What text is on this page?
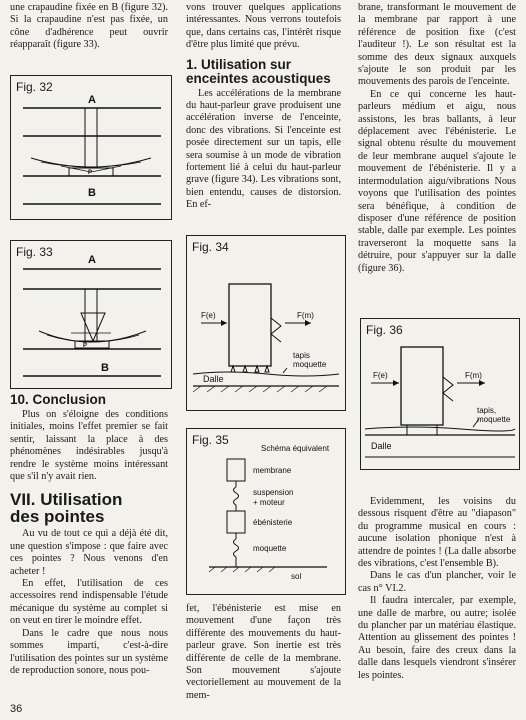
une crapaudine fixée en B (figure 32). Si la crapaudine n'est pas fixée, un cône d'adhérence peut ouvrir réapparaît (figure 33).

Fig. 32
A
P
B
Fig. 33
A
P
B
10. Conclusion

Plus on s'éloigne des conditions initiales, moins l'effet premier se fait sentir, laissant la place à des phénomènes indésirables jusqu'à rendre le système moins intéressant que s'il n'y avait rien.

VII. Utilisation
des pointes

Au vu de tout ce qui a déjà été dit, une question s'impose : que faire avec ces pointes ? Nous venons d'en acheter !

En effet, l'utilisation de ces accessoires rend indispensable l'étude mécanique du système au complet si on veut en tirer le moindre effet.

Dans le cadre que nous nous sommes imparti, c'est-à-dire l'utilisation des pointes sur un système de reproduction sonore, nous pou-

vons trouver quelques applications intéressantes. Nous verrons toutefois que, dans certains cas, l'intérêt risque d'être plus limité que prévu.

1. Utilisation sur
enceintes acoustiques

Les accélérations de la membrane du haut-parleur grave produisent une accélération inverse de l'enceinte, donc des vibrations. Si l'enceinte est posée directement sur un tapis, elle sera soumise à un mode de vibration fortement lié à celui du haut-parleur grave (figure 34). Les vibrations sont, bien entendu, causes de distorsion. En ef-

Fig. 34
F(e)	F(m)
tapis
moquette
Dalle
Fig. 35
Schéma équivalent
membrane
suspension
+ moteur
ébénisterie
moquette
sol

fet, l'ébénisterie est mise en mouvement d'une façon très différente des mouvements du haut-parleur grave. Son inertie est très différente de celle de la membrane. Son mouvement s'ajoute vectoriellement au mouvement de la mem-

brane, transformant le mouvement de la membrane par rapport à une référence de position fixe (c'est l'auditeur !). Le son résultat est la somme des deux signaux auxquels s'ajoute le son produit par les mouvements des parois de l'enceinte.

En ce qui concerne les haut-parleurs médium et aigu, nous assistons, les bras ballants, à leur déplacement avec l'ébénisterie. Le signal obtenu résulte du mouvement de leur membrane auquel s'ajoute le mouvement de l'ébénisterie. Il y a intermodulation aigu/vibrations Nous voyons que l'utilisation des pointes sera bénéfique, à condition de disposer d'une référence de position stable, dalle par exemple. Les pointes traverseront la moquette sans la détruire, pour s'appuyer sur la dalle (figure 36).

Fig. 36
F(e)	F(m)
tapis,
moquette
Dalle

Evidemment, les voisins du dessous risquent d'être au "diapason" du programme musical en cours : aucune isolation phonique n'est à attendre de pointes ! (La dalle absorbe des vibrations, c'est l'ensemble B).

Dans le cas d'un plancher, voir le cas n° VI.2.

Il faudra intercaler, par exemple, une dalle de marbre, ou autre; isolée du plancher par un matériau élastique. Attention au glissement des pointes ! Au besoin, faire des creux dans la dalle dans lesquels viendront s'insérer les pointes.

36
